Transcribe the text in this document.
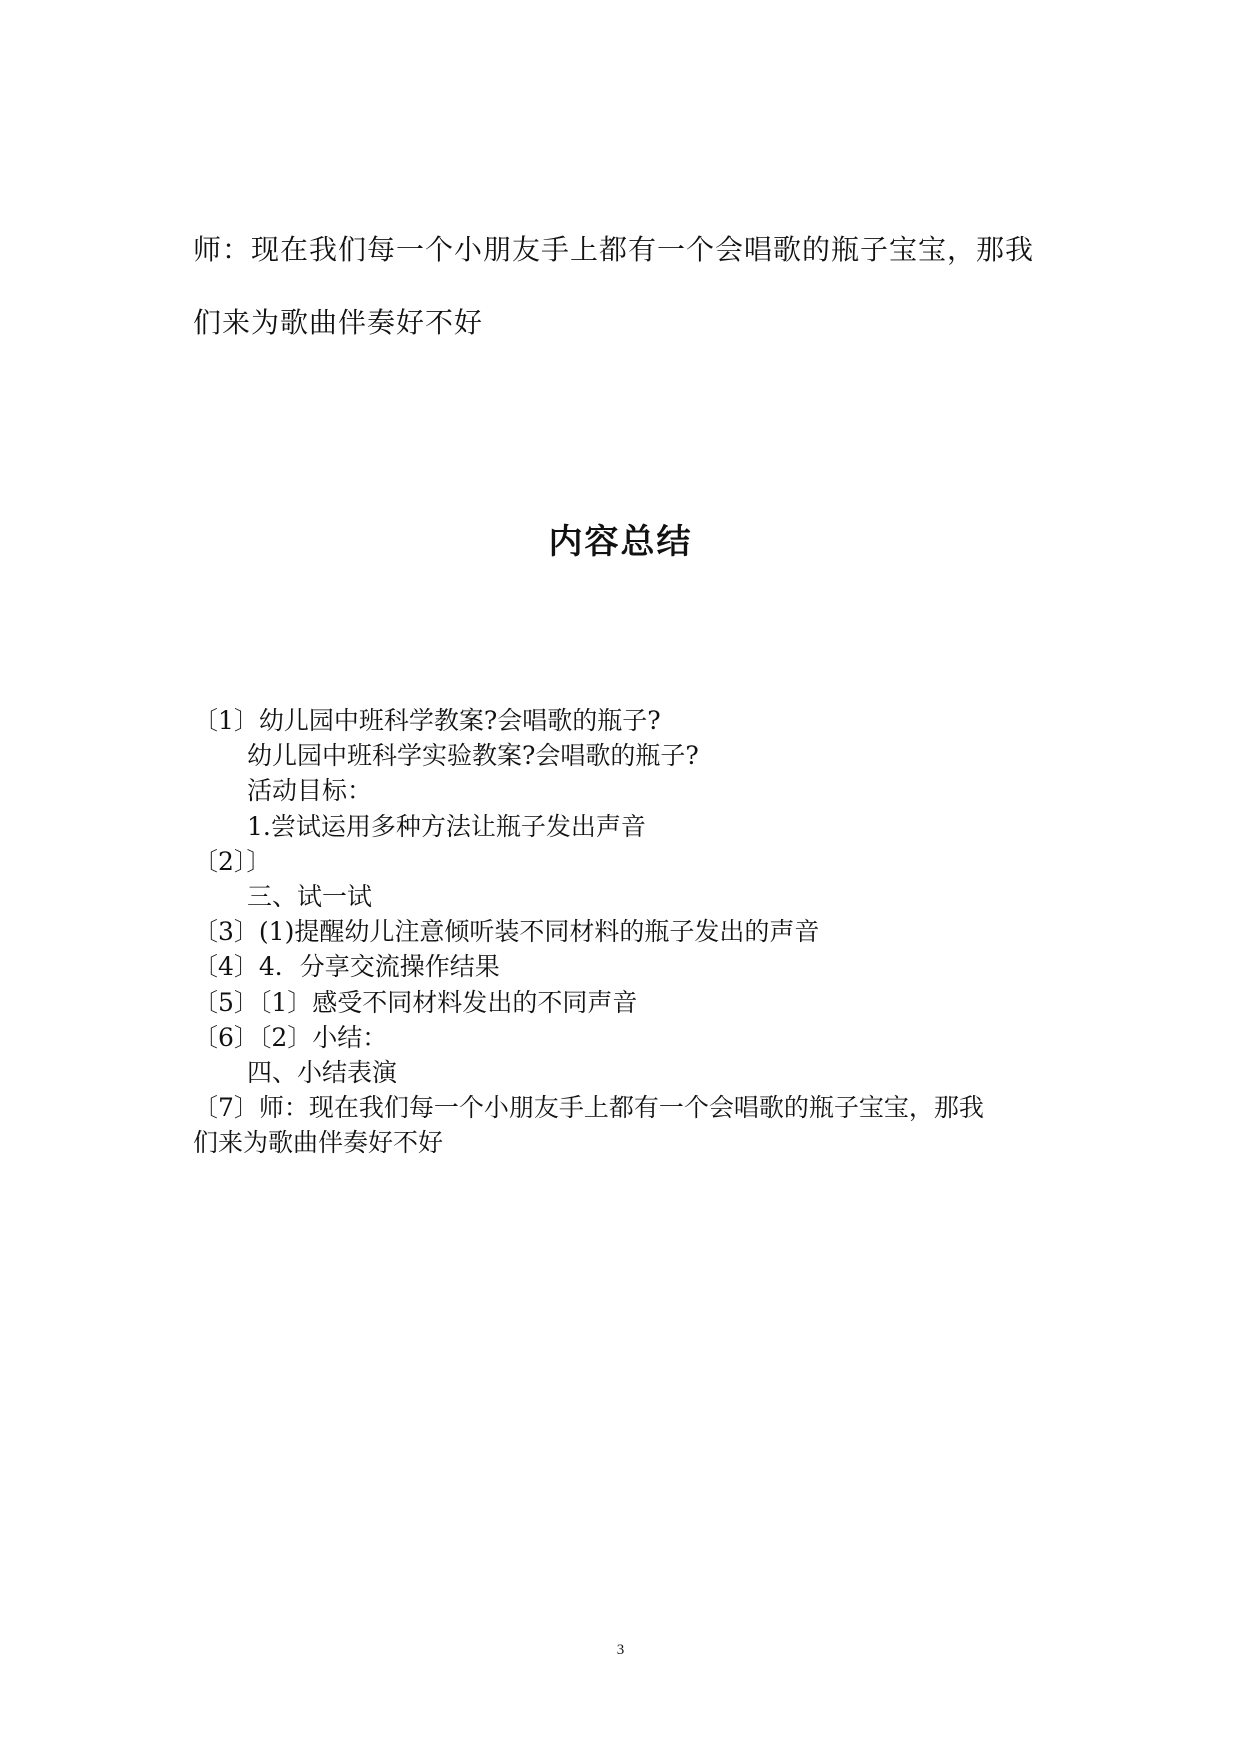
师：现在我们每一个小朋友手上都有一个会唱歌的瓶子宝宝，那我
们来为歌曲伴奏好不好
内容总结
〔1〕幼儿园中班科学教案?会唱歌的瓶子?
幼儿园中班科学实验教案?会唱歌的瓶子?
活动目标：
1.尝试运用多种方法让瓶子发出声音
〔2〕〕
三、试一试
〔3〕(1)提醒幼儿注意倾听装不同材料的瓶子发出的声音
〔4〕4．分享交流操作结果
〔5〕〔1〕感受不同材料发出的不同声音
〔6〕〔2〕小结：
四、小结表演
〔7〕师：现在我们每一个小朋友手上都有一个会唱歌的瓶子宝宝，那我
们来为歌曲伴奏好不好
3
